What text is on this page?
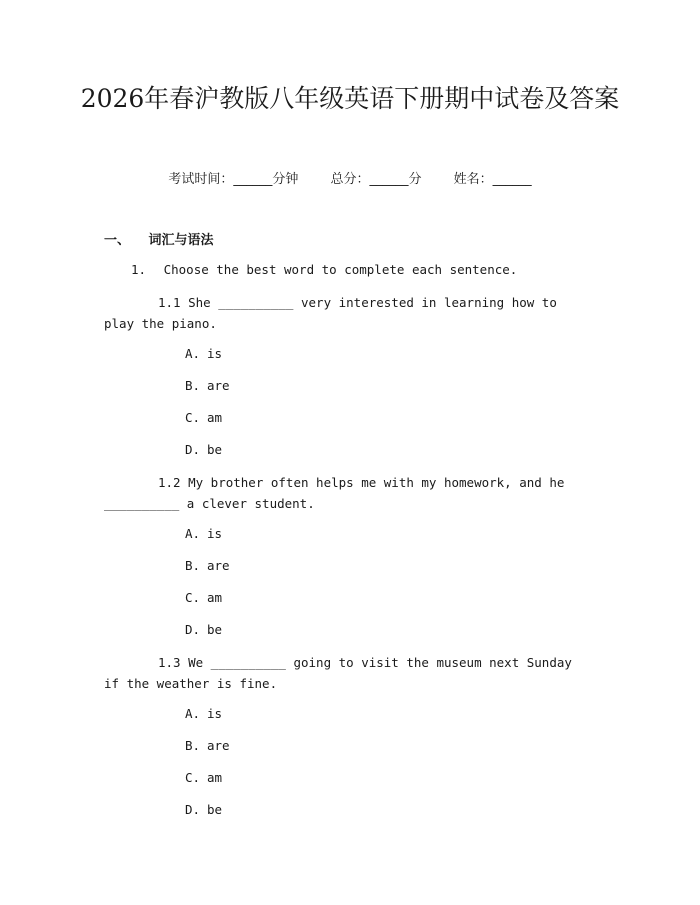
2026年春沪教版八年级英语下册期中试卷及答案
考试时间：______分钟 总分：______分 姓名：______
一、 词汇与语法
1. Choose the best word to complete each sentence.
1.1 She __________ very interested in learning how to play the piano.
A. is
B. are
C. am
D. be
1.2 My brother often helps me with my homework, and he __________ a clever student.
A. is
B. are
C. am
D. be
1.3 We __________ going to visit the museum next Sunday if the weather is fine.
A. is
B. are
C. am
D. be
